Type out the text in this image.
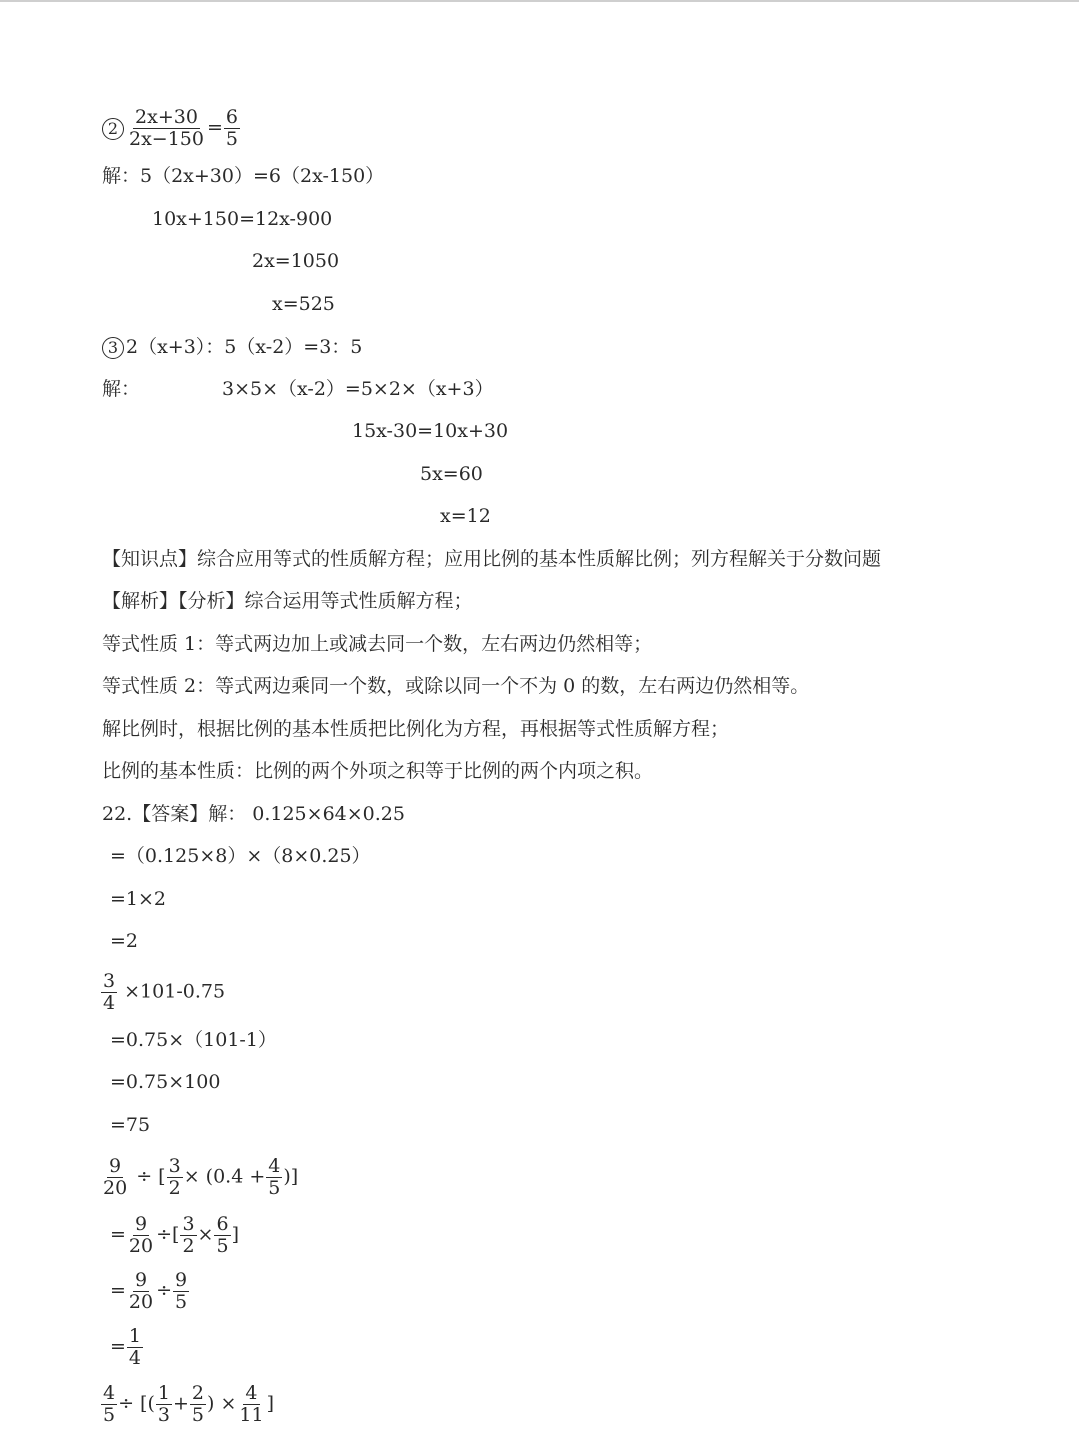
$2 \frac{2x+30}{2x-150} = \frac{6}{5}$
解：5（2x+30）=6（2x-150）
10x+150=12x-900
2x=1050
x=525
3 2（x+3）：5（x-2）=3：5
解：	3×5×（x-2）=5×2×（x+3）
15x-30=10x+30
5x=60
x=12
【知识点】综合应用等式的性质解方程；应用比例的基本性质解比例；列方程解关于分数问题
【解析】【分析】综合运用等式性质解方程；
等式性质 1：等式两边加上或减去同一个数，左右两边仍然相等；
等式性质 2：等式两边乘同一个数，或除以同一个不为 0 的数，左右两边仍然相等。
解比例时，根据比例的基本性质把比例化为方程，再根据等式性质解方程；
比例的基本性质：比例的两个外项之积等于比例的两个内项之积。
22.【答案】解： 0.125×64×0.25
=（0.125×8）×（8×0.25）
=1×2
=2
$\frac{3}{4} \times 101-0.75$
=0.75×（101-1）
=0.75×100
=75
$\frac{9}{20}$ ÷ [ $\frac{3}{2} \times (0.4 + \frac{4}{5}$ )]
= $\frac{9}{20}$ ÷[ $\frac{3}{2} \times \frac{6}{5}$ ]
= $\frac{9}{20} \div \frac{9}{5}$
= $\frac{1}{4}$
$\frac{4}{5}$ ÷ [( $\frac{1}{3} + \frac{2}{5}$ ) × $\frac{4}{11}$ ]
